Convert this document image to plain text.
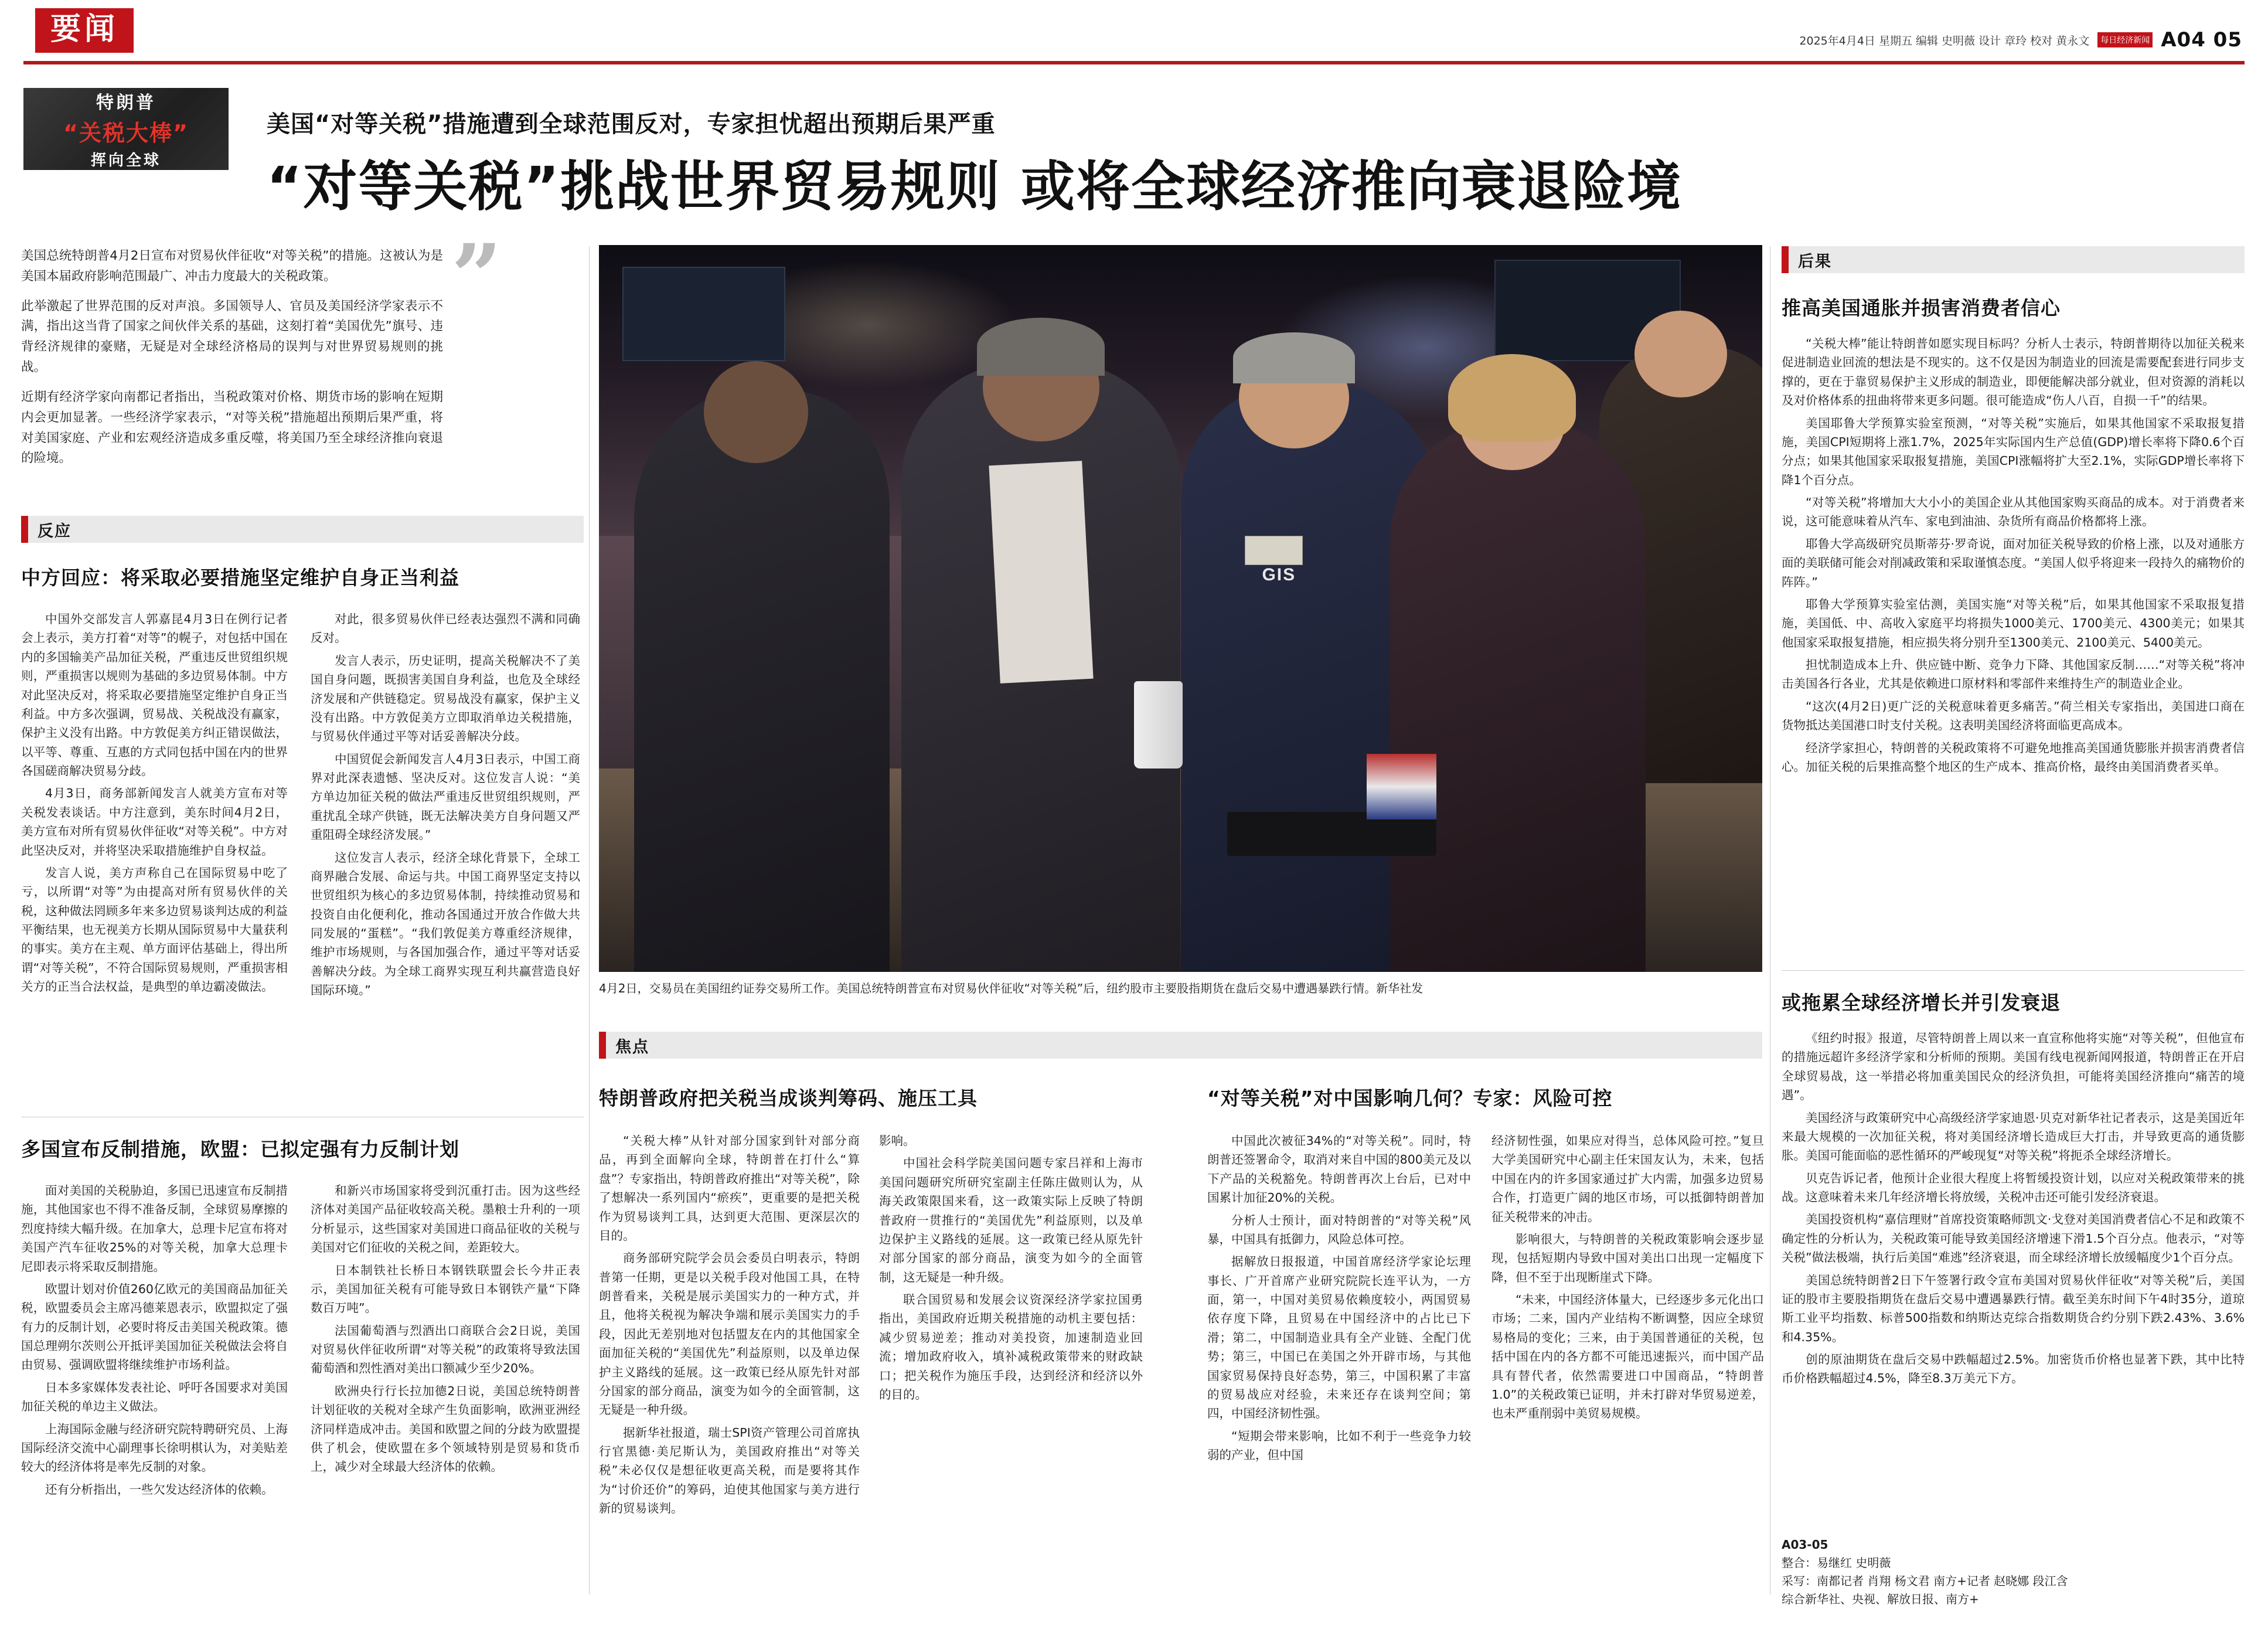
要闻	2025年4月4日 星期五 编辑 史明薇 设计 章玲 校对 黄永文	每日经济新闻 A04 05
特朗普
“关税大棒”
挥向全球
美国“对等关税”措施遭到全球范围反对，专家担忧超出预期后果严重
“对等关税”挑战世界贸易规则 或将全球经济推向衰退险境

美国总统特朗普4月2日宣布对贸易伙伴征收“对等关税”的措施。这被认为是美国本届政府影响范围最广、冲击力度最大的关税政策。

此举激起了世界范围的反对声浪。多国领导人、官员及美国经济学家表示不满，指出这当背了国家之间伙伴关系的基础，这刻打着“美国优先”旗号、违背经济规律的豪赌，无疑是对全球经济格局的误判与对世界贸易规则的挑战。

近期有经济学家向南都记者指出，当税政策对价格、期货市场的影响在短期内会更加显著。一些经济学家表示，“对等关税”措施超出预期后果严重，将对美国家庭、产业和宏观经济造成多重反噬，将美国乃至全球经济推向衰退的险境。

”
反应
中方回应：将采取必要措施坚定维护自身正当利益

中国外交部发言人郭嘉昆4月3日在例行记者会上表示，美方打着“对等”的幌子，对包括中国在内的多国输美产品加征关税，严重违反世贸组织规则，严重损害以规则为基础的多边贸易体制。中方对此坚决反对，将采取必要措施坚定维护自身正当利益。中方多次强调，贸易战、关税战没有赢家，保护主义没有出路。中方敦促美方纠正错误做法，以平等、尊重、互惠的方式同包括中国在内的世界各国磋商解决贸易分歧。

4月3日，商务部新闻发言人就美方宣布对等关税发表谈话。中方注意到，美东时间4月2日，美方宣布对所有贸易伙伴征收“对等关税”。中方对此坚决反对，并将坚决采取措施维护自身权益。

发言人说，美方声称自己在国际贸易中吃了亏，以所谓“对等”为由提高对所有贸易伙伴的关税，这种做法罔顾多年来多边贸易谈判达成的利益平衡结果，也无视美方长期从国际贸易中大量获利的事实。美方在主观、单方面评估基础上，得出所谓“对等关税”，不符合国际贸易规则，严重损害相关方的正当合法权益，是典型的单边霸凌做法。

对此，很多贸易伙伴已经表达强烈不满和同确反对。

发言人表示，历史证明，提高关税解决不了美国自身问题，既损害美国自身利益，也危及全球经济发展和产供链稳定。贸易战没有赢家，保护主义没有出路。中方敦促美方立即取消单边关税措施，与贸易伙伴通过平等对话妥善解决分歧。

中国贸促会新闻发言人4月3日表示，中国工商界对此深表遗憾、坚决反对。这位发言人说：“美方单边加征关税的做法严重违反世贸组织规则，严重扰乱全球产供链，既无法解决美方自身问题又严重阻碍全球经济发展。”

这位发言人表示，经济全球化背景下，全球工商界融合发展、命运与共。中国工商界坚定支持以世贸组织为核心的多边贸易体制，持续推动贸易和投资自由化便利化，推动各国通过开放合作做大共同发展的“蛋糕”。“我们敦促美方尊重经济规律，维护市场规则，与各国加强合作，通过平等对话妥善解决分歧。为全球工商界实现互利共赢营造良好国际环境。”

多国宣布反制措施，欧盟：已拟定强有力反制计划

面对美国的关税胁迫，多国已迅速宣布反制措施，其他国家也不得不准备反制，全球贸易摩擦的烈度持续大幅升级。在加拿大，总理卡尼宣布将对美国产汽车征收25%的对等关税，加拿大总理卡尼即表示将采取反制措施。

欧盟计划对价值260亿欧元的美国商品加征关税，欧盟委员会主席冯德莱恩表示，欧盟拟定了强有力的反制计划，必要时将反击美国关税政策。德国总理朔尔茨则公开抵评美国加征关税做法会将自由贸易、强调欧盟将继续维护市场利益。

日本多家媒体发表社论、呼吁各国要求对美国加征关税的单边主义做法。

上海国际金融与经济研究院特聘研究员、上海国际经济交流中心副理事长徐明棋认为，对美贴差较大的经济体将是率先反制的对象。

还有分析指出，一些欠发达经济体的依赖。

和新兴市场国家将受到沉重打击。因为这些经济体对美国产品征收较高关税。墨粮士升利的一项分析显示，这些国家对美国进口商品征收的关税与美国对它们征收的关税之间，差距较大。

日本制铁社长桥日本钢铁联盟会长今井正表示，美国加征关税有可能导致日本钢铁产量“下降数百万吨”。

法国葡萄酒与烈酒出口商联合会2日说，美国对贸易伙伴征收所谓“对等关税”的政策将导致法国葡萄酒和烈性酒对美出口额减少至少20%。

欧洲央行行长拉加德2日说，美国总统特朗普计划征收的关税对全球产生负面影响，欧洲亚洲经济同样造成冲击。美国和欧盟之间的分歧为欧盟提供了机会，使欧盟在多个领域特别是贸易和货币上，减少对全球最大经济体的依赖。

GIS
4月2日，交易员在美国纽约证券交易所工作。美国总统特朗普宣布对贸易伙伴征收“对等关税”后，纽约股市主要股指期货在盘后交易中遭遇暴跌行情。新华社发
焦点
特朗普政府把关税当成谈判筹码、施压工具	“对等关税”对中国影响几何？专家：风险可控

“关税大棒”从针对部分国家到针对部分商品，再到全面解向全球，特朗普在打什么“算盘”？专家指出，特朗普政府推出“对等关税”，除了想解决一系列国内“瘀疾”，更重要的是把关税作为贸易谈判工具，达到更大范围、更深层次的目的。

商务部研究院学会员会委员白明表示，特朗普第一任期，更是以关税手段对他国工具，在特朗普看来，关税是展示美国实力的一种方式，并且，他将关税视为解决争端和展示美国实力的手段，因此无差别地对包括盟友在内的其他国家全面加征关税的“美国优先”利益原则，以及单边保护主义路线的延展。这一政策已经从原先针对部分国家的部分商品，演变为如今的全面管制，这无疑是一种升级。

据新华社报道，瑞士SPI资产管理公司首席执行官黑德·美尼斯认为，美国政府推出“对等关税”未必仅仅是想征收更高关税，而是要将其作为“讨价还价”的筹码，迫使其他国家与美方进行新的贸易谈判。

影响。

中国社会科学院美国问题专家吕祥和上海市美国问题研究所研究室副主任陈庄做则认为，从海关政策限国来看，这一政策实际上反映了特朗普政府一贯推行的“美国优先”利益原则，以及单边保护主义路线的延展。这一政策已经从原先针对部分国家的部分商品，演变为如今的全面管制，这无疑是一种升级。

联合国贸易和发展会议资深经济学家拉国勇指出，美国政府近期关税措施的动机主要包括：减少贸易逆差；推动对美投资，加速制造业回流；增加政府收入，填补减税政策带来的财政缺口；把关税作为施压手段，达到经济和经济以外的目的。

中国此次被征34%的“对等关税”。同时，特朗普还签署命令，取消对来自中国的800美元及以下产品的关税豁免。特朗普再次上台后，已对中国累计加征20%的关税。

分析人士预计，面对特朗普的“对等关税”风暴，中国具有抵御力，风险总体可控。

据解放日报报道，中国首席经济学家论坛理事长、广开首席产业研究院院长连平认为，一方面，第一，中国对美贸易依赖度较小，两国贸易依存度下降，且贸易在中国经济中的占比已下滑；第二，中国制造业具有全产业链、全配门优势；第三，中国已在美国之外开辟市场，与其他国家贸易保持良好态势，第三，中国积累了丰富的贸易战应对经验，未来还存在谈判空间；第四，中国经济韧性强。

“短期会带来影响，比如不利于一些竞争力较弱的产业，但中国

经济韧性强，如果应对得当，总体风险可控。”复旦大学美国研究中心副主任宋国友认为，未来，包括中国在内的许多国家通过扩大内需，加强多边贸易合作，打造更广阔的地区市场，可以抵御特朗普加征关税带来的冲击。

影响很大，与特朗普的关税政策影响会逐步显现，包括短期内导致中国对美出口出现一定幅度下降，但不至于出现断崖式下降。

“未来，中国经济体量大，已经逐步多元化出口市场；二来，国内产业结构不断调整，因应全球贸易格局的变化；三来，由于美国普通征的关税，包括中国在内的各方都不可能迅速振兴，而中国产品具有替代者，依然需要进口中国商品，“特朗普1.0”的关税政策已证明，并未打辟对华贸易逆差，也未严重削弱中美贸易规模。

后果
推高美国通胀并损害消费者信心

“关税大棒”能让特朗普如愿实现目标吗？分析人士表示，特朗普期待以加征关税来促进制造业回流的想法是不现实的。这不仅是因为制造业的回流是需要配套进行同步支撑的，更在于靠贸易保护主义形成的制造业，即便能解决部分就业，但对资源的消耗以及对价格体系的扭曲将带来更多问题。很可能造成“伤人八百，自损一千”的结果。

美国耶鲁大学预算实验室预测，“对等关税”实施后，如果其他国家不采取报复措施，美国CPI短期将上涨1.7%，2025年实际国内生产总值(GDP)增长率将下降0.6个百分点；如果其他国家采取报复措施，美国CPI涨幅将扩大至2.1%，实际GDP增长率将下降1个百分点。

“对等关税”将增加大大小小的美国企业从其他国家购买商品的成本。对于消费者来说，这可能意味着从汽车、家电到油油、杂货所有商品价格都将上涨。

耶鲁大学高级研究员斯蒂芬·罗奇说，面对加征关税导致的价格上涨，以及对通胀方面的美联储可能会对削减政策和采取谨慎态度。“美国人似乎将迎来一段持久的痛物价的阵阵。”

耶鲁大学预算实验室估测，美国实施“对等关税”后，如果其他国家不采取报复措施，美国低、中、高收入家庭平均将损失1000美元、1700美元、4300美元；如果其他国家采取报复措施，相应损失将分别升至1300美元、2100美元、5400美元。

担忧制造成本上升、供应链中断、竞争力下降、其他国家反制……“对等关税”将冲击美国各行各业，尤其是依赖进口原材料和零部件来维持生产的制造业企业。

“这次(4月2日)更广泛的关税意味着更多痛苦。”荷兰相关专家指出，美国进口商在货物抵达美国港口时支付关税。这表明美国经济将面临更高成本。

经济学家担心，特朗普的关税政策将不可避免地推高美国通货膨胀并损害消费者信心。加征关税的后果推高整个地区的生产成本、推高价格，最终由美国消费者买单。

或拖累全球经济增长并引发衰退

《纽约时报》报道，尽管特朗普上周以来一直宣称他将实施“对等关税”，但他宣布的措施远超许多经济学家和分析师的预期。美国有线电视新闻网报道，特朗普正在开启全球贸易战，这一举措必将加重美国民众的经济负担，可能将美国经济推向“痛苦的境遇”。

美国经济与政策研究中心高级经济学家迪恩·贝克对新华社记者表示，这是美国近年来最大规模的一次加征关税，将对美国经济增长造成巨大打击，并导致更高的通货膨胀。美国可能面临的恶性循环的严峻现复“对等关税”将扼杀全球经济增长。

贝克告诉记者，他预计企业很大程度上将暂缓投资计划，以应对关税政策带来的挑战。这意味着未来几年经济增长将放缓，关税冲击还可能引发经济衰退。

美国投资机构“嘉信理财”首席投资策略师凯文·戈登对美国消费者信心不足和政策不确定性的分析认为，关税政策可能导致美国经济增速下滑1.5个百分点。他表示，“对等关税”做法极端，执行后美国“难逃”经济衰退，而全球经济增长放缓幅度少1个百分点。

美国总统特朗普2日下午签署行政令宣布美国对贸易伙伴征收“对等关税”后，美国证的股市主要股指期货在盘后交易中遭遇暴跌行情。截至美东时间下午4时35分，道琼斯工业平均指数、标普500指数和纳斯达克综合指数期货合约分别下跌2.43%、3.6%和4.35%。

创的原油期货在盘后交易中跌幅超过2.5%。加密货币价格也显著下跌，其中比特币价格跌幅超过4.5%，降至8.3万美元下方。

A03-05
整合：易继红 史明薇
采写：南都记者 肖翔 杨文君 南方+记者 赵晓娜 段江含
综合新华社、央视、解放日报、南方+
